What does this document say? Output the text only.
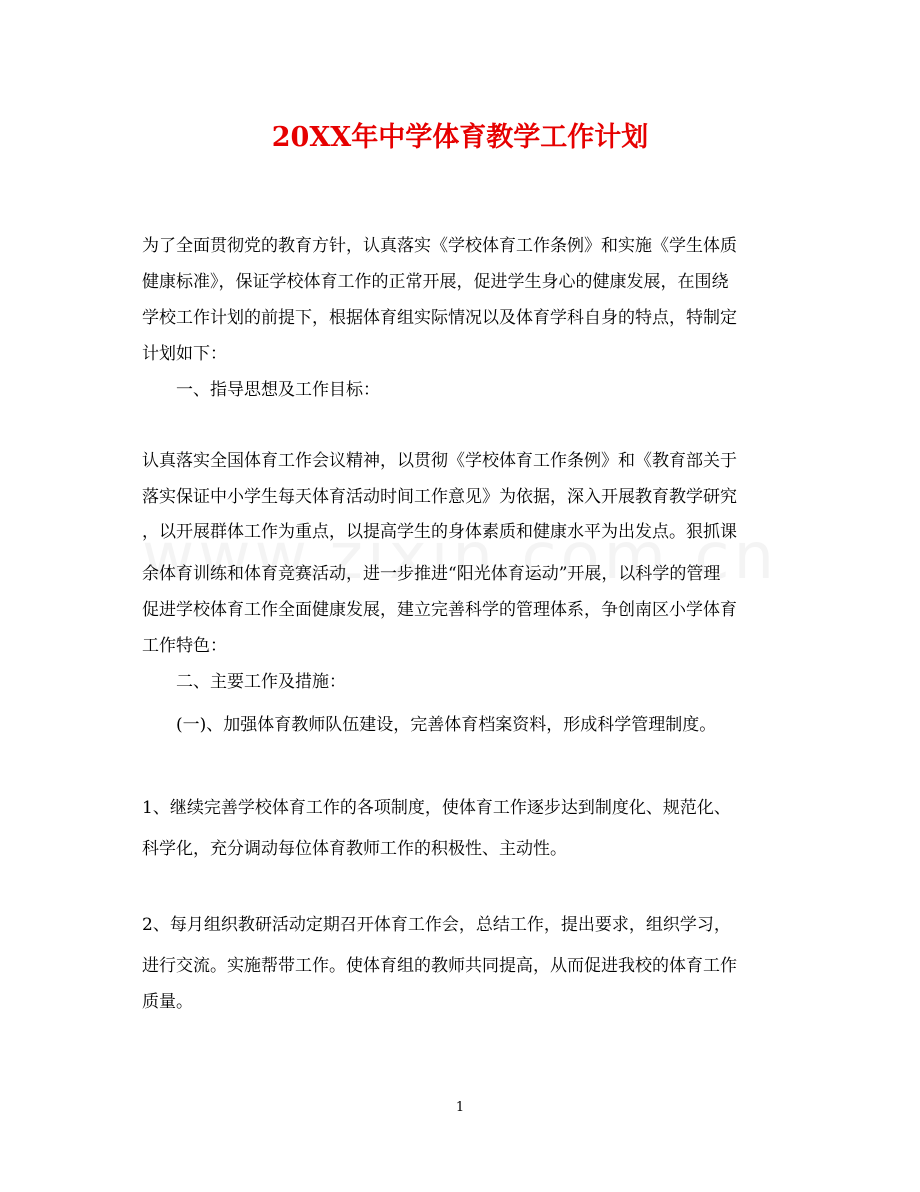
20XX年中学体育教学工作计划
为了全面贯彻党的教育方针，认真落实《学校体育工作条例》和实施《学生体质
健康标准》，保证学校体育工作的正常开展，促进学生身心的健康发展，在围绕
学校工作计划的前提下，根据体育组实际情况以及体育学科自身的特点，特制定
计划如下：
一、指导思想及工作目标：
认真落实全国体育工作会议精神，以贯彻《学校体育工作条例》和《教育部关于
落实保证中小学生每天体育活动时间工作意见》为依据，深入开展教育教学研究
，以开展群体工作为重点，以提高学生的身体素质和健康水平为出发点。狠抓课
余体育训练和体育竞赛活动，进一步推进“阳光体育运动”开展，以科学的管理
促进学校体育工作全面健康发展，建立完善科学的管理体系，争创南区小学体育
工作特色：
二、主要工作及措施：
(一)、加强体育教师队伍建设，完善体育档案资料，形成科学管理制度。
1、继续完善学校体育工作的各项制度，使体育工作逐步达到制度化、规范化、
科学化，充分调动每位体育教师工作的积极性、主动性。
2、每月组织教研活动定期召开体育工作会，总结工作，提出要求，组织学习，
进行交流。实施帮带工作。使体育组的教师共同提高，从而促进我校的体育工作
质量。
1
